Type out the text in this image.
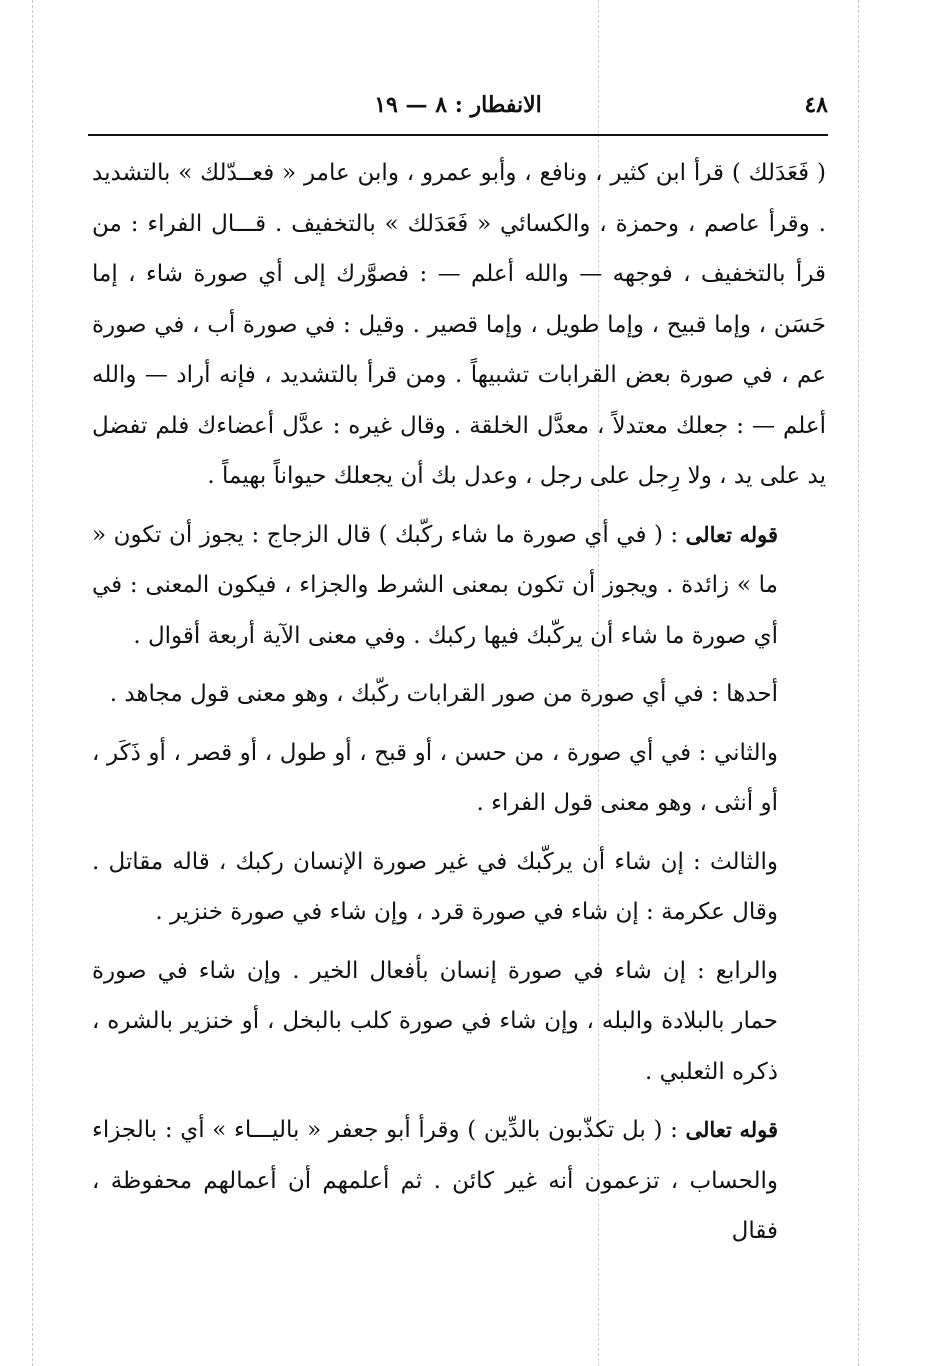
٤٨
الانفطار : ٨ — ١٩

( فَعَدَلك ) قرأ ابن كثير ، ونافع ، وأبو عمرو ، وابن عامر « فعــدّلك » بالتشديد . وقرأ عاصم ، وحمزة ، والكسائي « فَعَدَلك » بالتخفيف . قـــال الفراء : من قرأ بالتخفيف ، فوجهه — والله أعلم — : فصوَّرك إلى أي صورة شاء ، إما حَسَن ، وإما قبيح ، وإما طويل ، وإما قصير . وقيل : في صورة أب ، في صورة عم ، في صورة بعض القرابات تشبيهاً . ومن قرأ بالتشديد ، فإنه أراد — والله أعلم — : جعلك معتدلاً ، معدَّل الخلقة . وقال غيره : عدَّل أعضاءك فلم تفضل يد على يد ، ولا رِجل على رجل ، وعدل بك أن يجعلك حيواناً بهيماً .

قوله تعالى : ( في أي صورة ما شاء ركّبك ) قال الزجاج : يجوز أن تكون « ما » زائدة . ويجوز أن تكون بمعنى الشرط والجزاء ، فيكون المعنى : في أي صورة ما شاء أن يركّبك فيها ركبك . وفي معنى الآية أربعة أقوال .

أحدها : في أي صورة من صور القرابات ركّبك ، وهو معنى قول مجاهد .

والثاني : في أي صورة ، من حسن ، أو قبح ، أو طول ، أو قصر ، أو ذَكَر ، أو أنثى ، وهو معنى قول الفراء .

والثالث : إن شاء أن يركّبك في غير صورة الإنسان ركبك ، قاله مقاتل . وقال عكرمة : إن شاء في صورة قرد ، وإن شاء في صورة خنزير .

والرابع : إن شاء في صورة إنسان بأفعال الخير . وإن شاء في صورة حمار بالبلادة والبله ، وإن شاء في صورة كلب بالبخل ، أو خنزير بالشره ، ذكره الثعلبي .

قوله تعالى : ( بل تكذّبون بالدِّين ) وقرأ أبو جعفر « باليـــاء » أي : بالجزاء والحساب ، تزعمون أنه غير كائن . ثم أعلمهم أن أعمالهم محفوظة ، فقال
